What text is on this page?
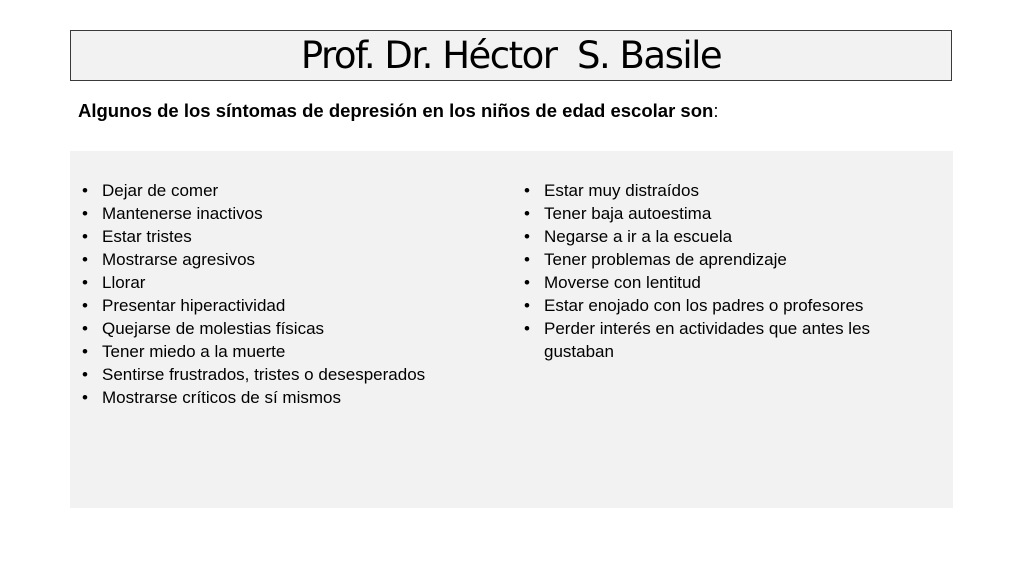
Prof. Dr. Héctor  S. Basile
Algunos de los síntomas de depresión en los niños de edad escolar son:
• Dejar de comer
• Mantenerse inactivos
• Estar tristes
• Mostrarse agresivos
• Llorar
• Presentar hiperactividad
• Quejarse de molestias físicas
• Tener miedo a la muerte
• Sentirse frustrados, tristes o desesperados
• Mostrarse críticos de sí mismos
• Estar muy distraídos
• Tener baja autoestima
• Negarse a ir a la escuela
• Tener problemas de aprendizaje
• Moverse con lentitud
• Estar enojado con los padres o profesores
• Perder interés en actividades que antes les gustaban
